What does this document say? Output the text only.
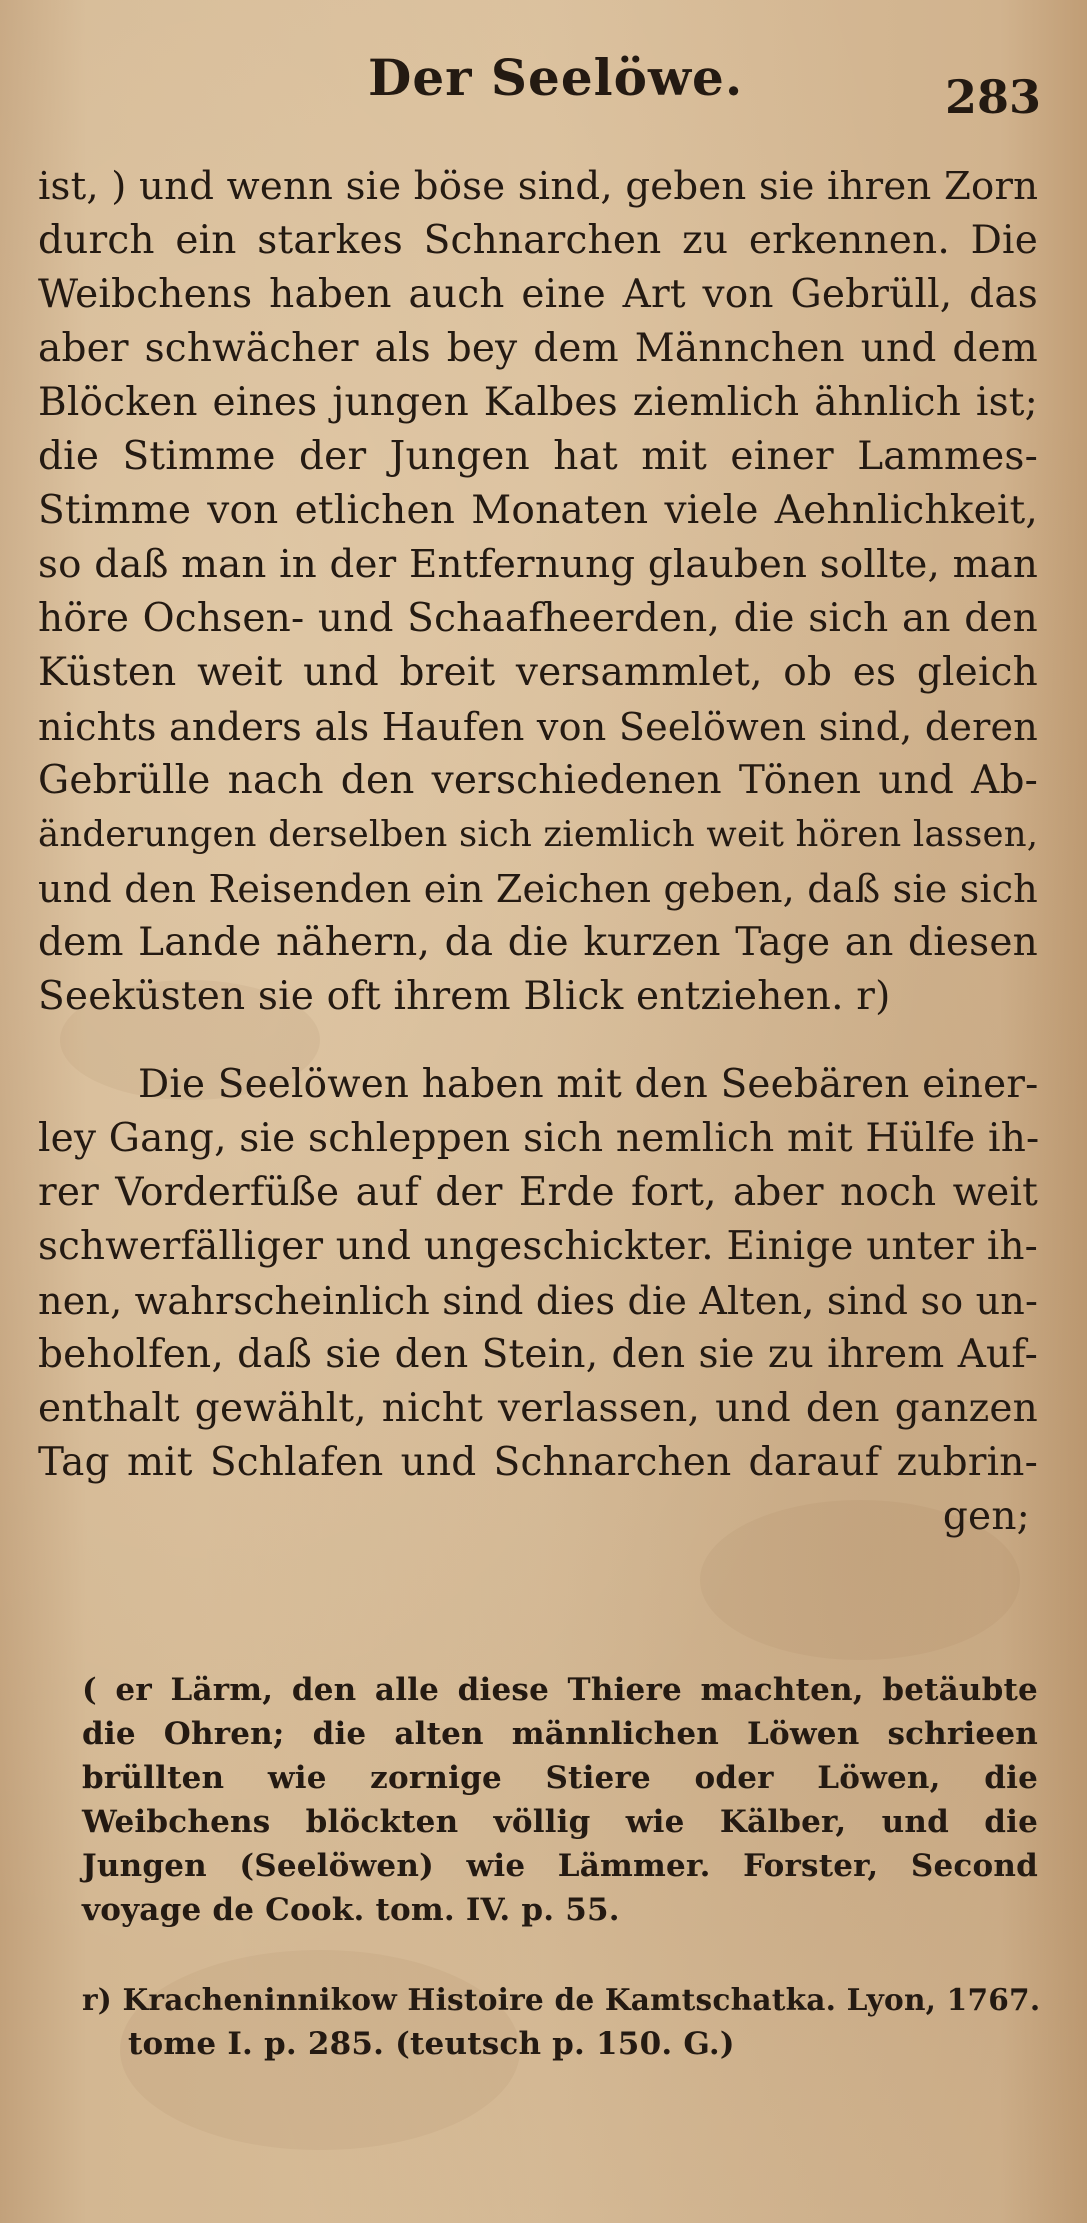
Der Seelöwe.	283
ist, ) und wenn sie böse sind, geben sie ihren Zorn
durch ein starkes Schnarchen zu erkennen. Die
Weibchens haben auch eine Art von Gebrüll, das
aber schwächer als bey dem Männchen und dem
Blöcken eines jungen Kalbes ziemlich ähnlich ist;
die Stimme der Jungen hat mit einer Lammes-
Stimme von etlichen Monaten viele Aehnlichkeit,
so daß man in der Entfernung glauben sollte, man
höre Ochsen- und Schaafheerden, die sich an den
Küsten weit und breit versammlet, ob es gleich
nichts anders als Haufen von Seelöwen sind, deren
Gebrülle nach den verschiedenen Tönen und Ab-
änderungen derselben sich ziemlich weit hören lassen,
und den Reisenden ein Zeichen geben, daß sie sich
dem Lande nähern, da die kurzen Tage an diesen
Seeküsten sie oft ihrem Blick entziehen. r)
Die Seelöwen haben mit den Seebären einer-
ley Gang, sie schleppen sich nemlich mit Hülfe ih-
rer Vorderfüße auf der Erde fort, aber noch weit
schwerfälliger und ungeschickter. Einige unter ih-
nen, wahrscheinlich sind dies die Alten, sind so un-
beholfen, daß sie den Stein, den sie zu ihrem Auf-
enthalt gewählt, nicht verlassen, und den ganzen
Tag mit Schlafen und Schnarchen darauf zubrin-
gen;
( er Lärm, den alle diese Thiere machten, betäubte
die Ohren; die alten männlichen Löwen schrieen
brüllten wie zornige Stiere oder Löwen, die
Weibchens blöckten völlig wie Kälber, und die
Jungen (Seelöwen) wie Lämmer. Forster, Second
voyage de Cook. tom. IV. p. 55.
r) Kracheninnikow Histoire de Kamtschatka. Lyon, 1767.
tome I. p. 285. (teutsch p. 150. G.)
